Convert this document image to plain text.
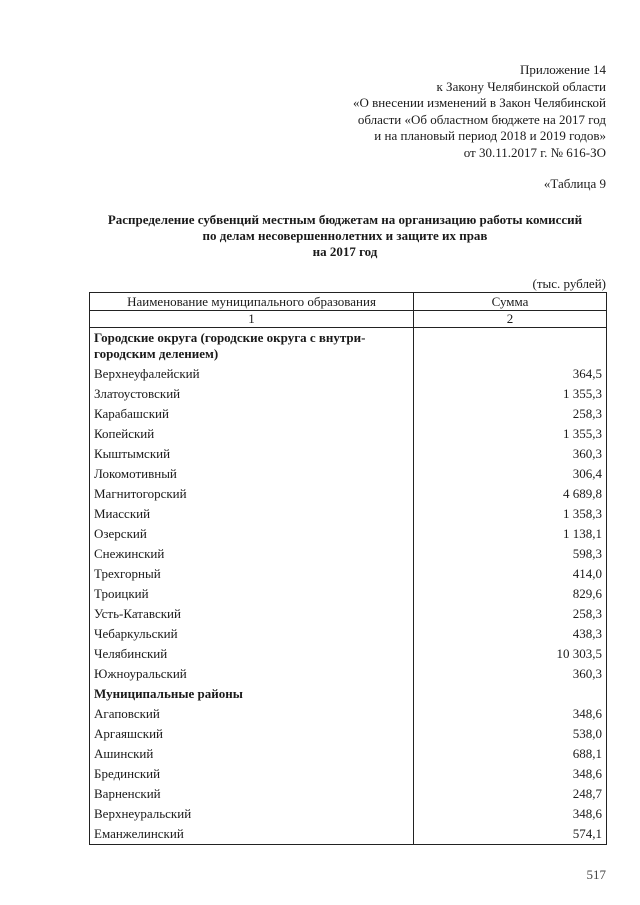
Приложение 14
к Закону Челябинской области
«О внесении изменений в Закон Челябинской
области «Об областном бюджете на 2017 год
и на плановый период 2018 и 2019 годов»
от 30.11.2017 г. № 616-ЗО
«Таблица 9
Распределение субвенций местным бюджетам на организацию работы комиссий
по делам несовершеннолетних и защите их прав
на 2017 год
(тыс. рублей)
Наименование муниципального образования	Сумма
1	2

Городские округа (городские округа с внутри-
городским делением)	

Верхнеуфалейский	364,5
Златоустовский	1 355,3
Карабашский	258,3
Копейский	1 355,3
Кыштымский	360,3
Локомотивный	306,4
Магнитогорский	4 689,8
Миасский	1 358,3
Озерский	1 138,1
Снежинский	598,3
Трехгорный	414,0
Троицкий	829,6
Усть-Катавский	258,3
Чебаркульский	438,3
Челябинский	10 303,5
Южноуральский	360,3
Муниципальные районы	
Агаповский	348,6
Аргаяшский	538,0
Ашинский	688,1
Брединский	348,6
Варненский	248,7
Верхнеуральский	348,6
Еманжелинский	574,1
517
